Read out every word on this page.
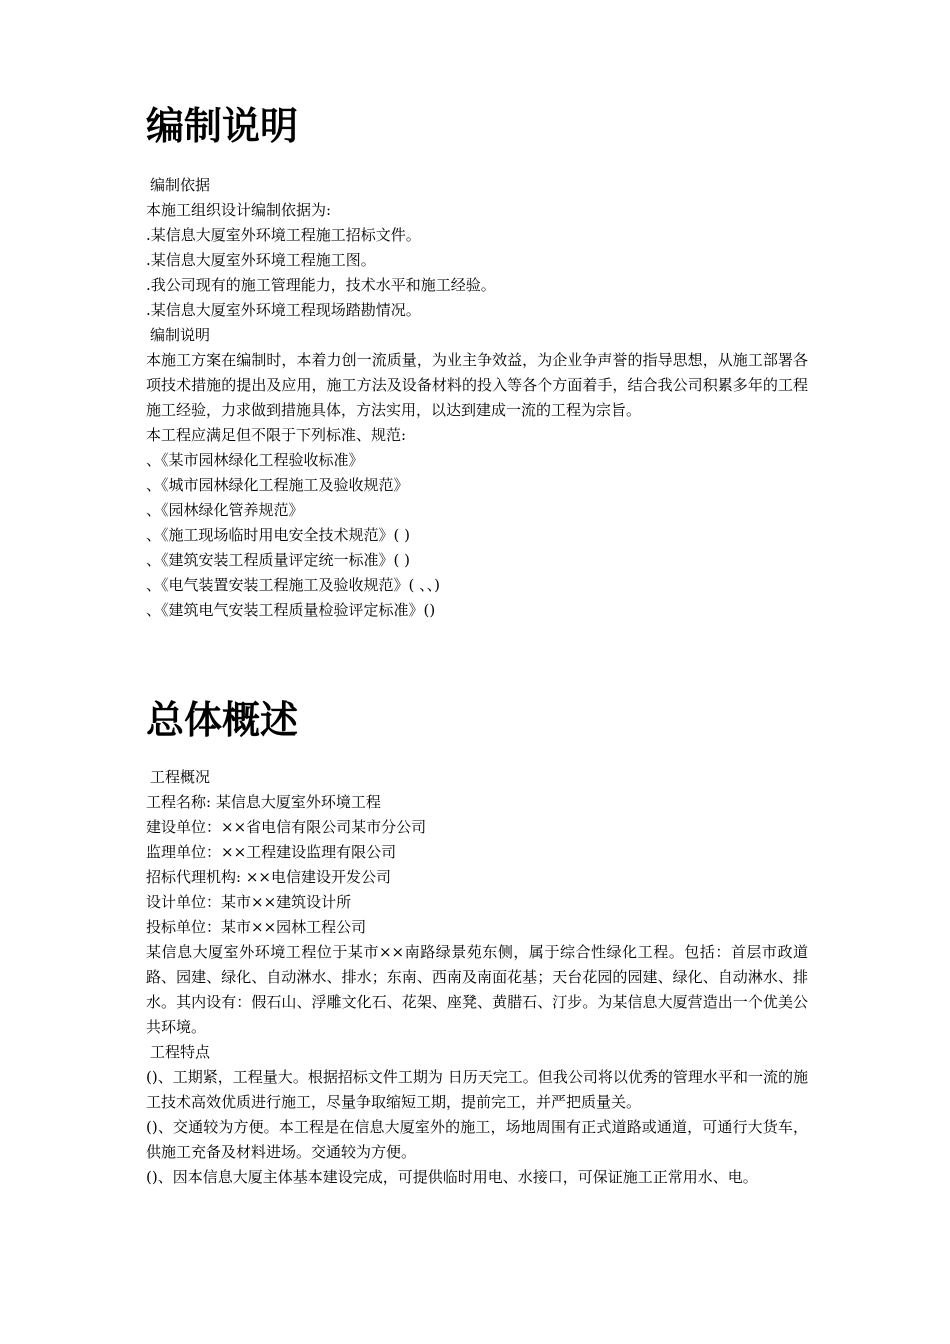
编制说明
编制依据
本施工组织设计编制依据为:
.某信息大厦室外环境工程施工招标文件。
.某信息大厦室外环境工程施工图。
.我公司现有的施工管理能力，技术水平和施工经验。
.某信息大厦室外环境工程现场踏勘情况。
编制说明
本施工方案在编制时，本着力创一流质量，为业主争效益，为企业争声誉的指导思想，从施工部署各项技术措施的提出及应用，施工方法及设备材料的投入等各个方面着手，结合我公司积累多年的工程施工经验，力求做到措施具体，方法实用，以达到建成一流的工程为宗旨。
本工程应满足但不限于下列标准、规范:
、《某市园林绿化工程验收标准》
、《城市园林绿化工程施工及验收规范》
、《园林绿化管养规范》
、《施工现场临时用电安全技术规范》( )
、《建筑安装工程质量评定统一标准》( )
、《电气装置安装工程施工及验收规范》( 、、)
、《建筑电气安装工程质量检验评定标准》()
总体概述
工程概况
工程名称: 某信息大厦室外环境工程
建设单位：××省电信有限公司某市分公司
监理单位：××工程建设监理有限公司
招标代理机构: ××电信建设开发公司
设计单位：某市××建筑设计所
投标单位：某市××园林工程公司
某信息大厦室外环境工程位于某市××南路绿景苑东侧，属于综合性绿化工程。包括：首层市政道路、园建、绿化、自动淋水、排水；东南、西南及南面花基；天台花园的园建、绿化、自动淋水、排水。其内设有：假石山、浮雕文化石、花架、座凳、黄腊石、汀步。为某信息大厦营造出一个优美公共环境。
工程特点
()、工期紧，工程量大。根据招标文件工期为 日历天完工。但我公司将以优秀的管理水平和一流的施工技术高效优质进行施工，尽量争取缩短工期，提前完工，并严把质量关。
()、交通较为方便。本工程是在信息大厦室外的施工，场地周围有正式道路或通道，可通行大货车，供施工充备及材料进场。交通较为方便。
()、因本信息大厦主体基本建设完成，可提供临时用电、水接口，可保证施工正常用水、电。
